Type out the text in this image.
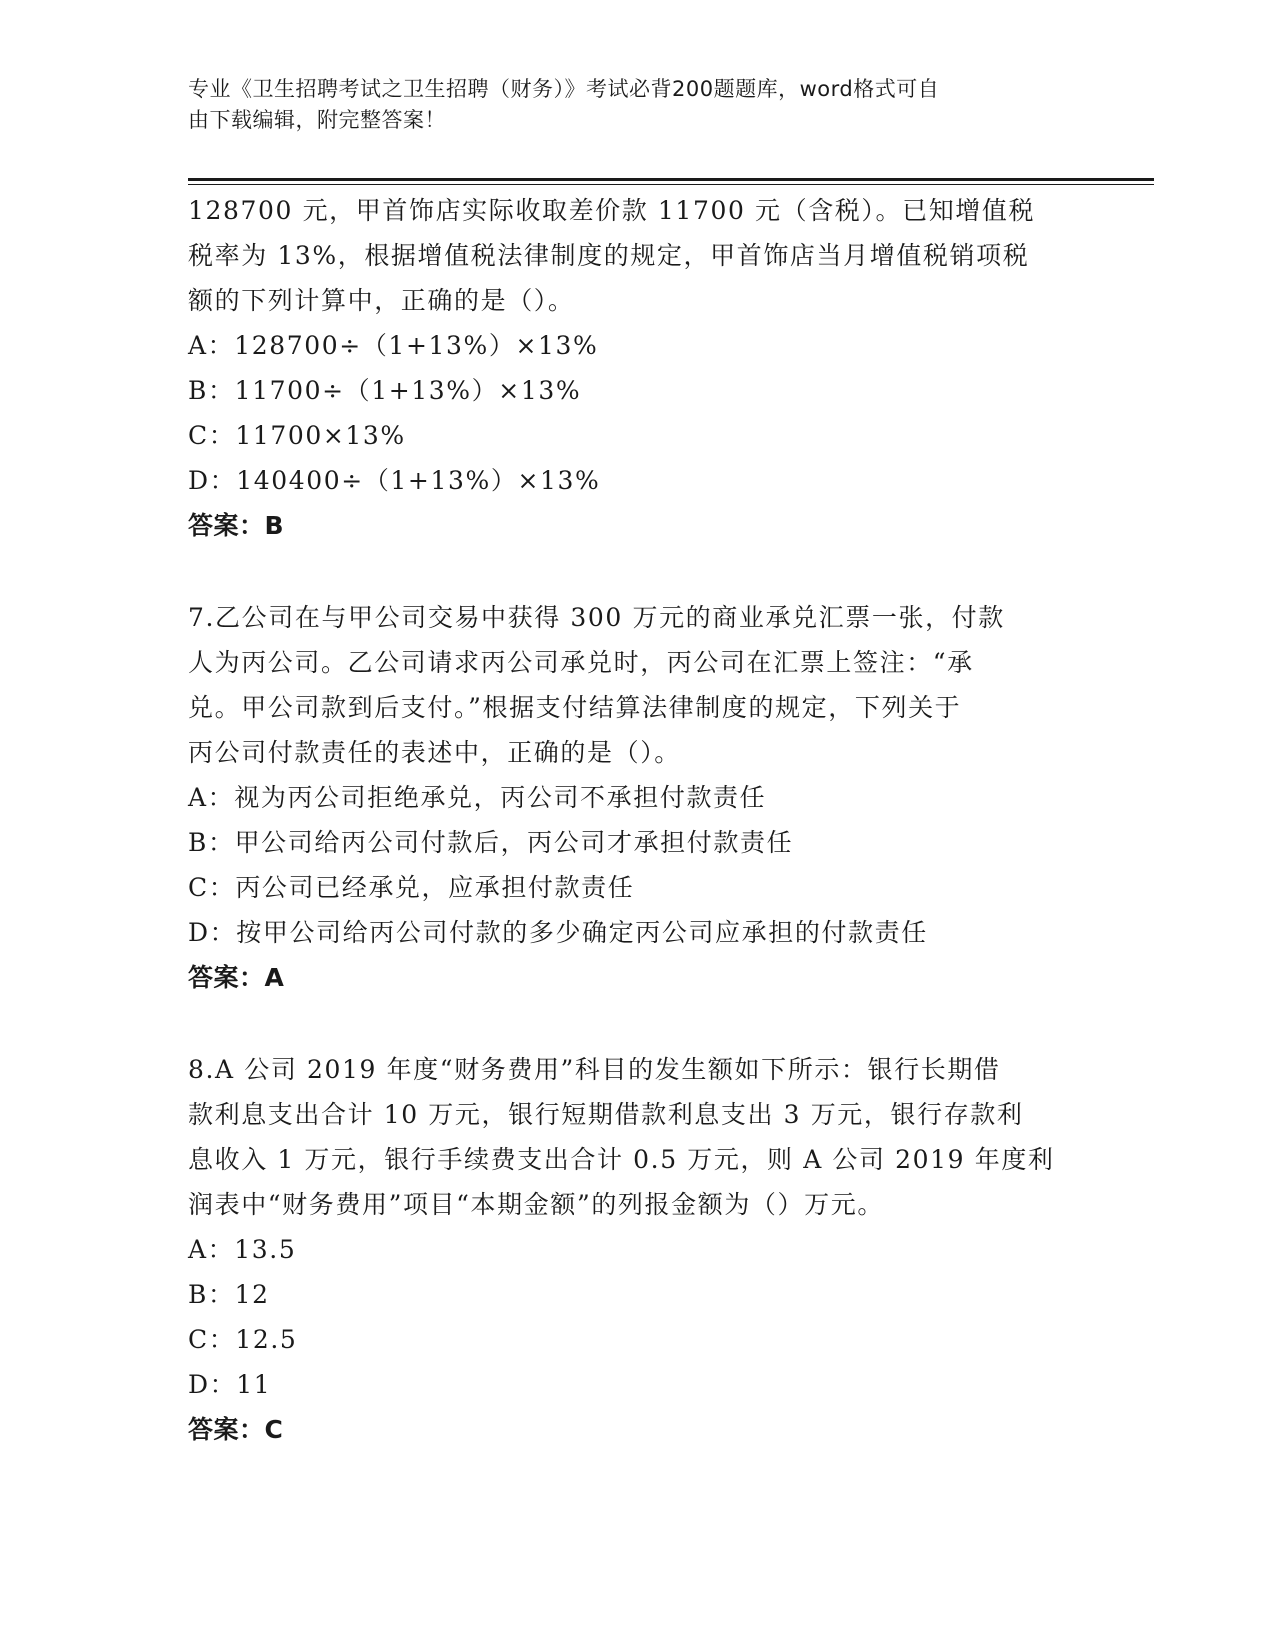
专业《卫生招聘考试之卫生招聘（财务）》考试必背200题题库，word格式可自
由下载编辑，附完整答案！
128700 元，甲首饰店实际收取差价款 11700 元（含税）。已知增值税
税率为 13%，根据增值税法律制度的规定，甲首饰店当月增值税销项税
额的下列计算中，正确的是（）。
A：128700÷（1+13%）×13%
B：11700÷（1+13%）×13%
C：11700×13%
D：140400÷（1+13%）×13%
答案：B
7.乙公司在与甲公司交易中获得 300 万元的商业承兑汇票一张，付款
人为丙公司。乙公司请求丙公司承兑时，丙公司在汇票上签注：“承
兑。甲公司款到后支付。”根据支付结算法律制度的规定，下列关于
丙公司付款责任的表述中，正确的是（）。
A：视为丙公司拒绝承兑，丙公司不承担付款责任
B：甲公司给丙公司付款后，丙公司才承担付款责任
C：丙公司已经承兑，应承担付款责任
D：按甲公司给丙公司付款的多少确定丙公司应承担的付款责任
答案：A
8.A 公司 2019 年度“财务费用”科目的发生额如下所示：银行长期借
款利息支出合计 10 万元，银行短期借款利息支出 3 万元，银行存款利
息收入 1 万元，银行手续费支出合计 0.5 万元，则 A 公司 2019 年度利
润表中“财务费用”项目“本期金额”的列报金额为（）万元。
A：13.5
B：12
C：12.5
D：11
答案：C
